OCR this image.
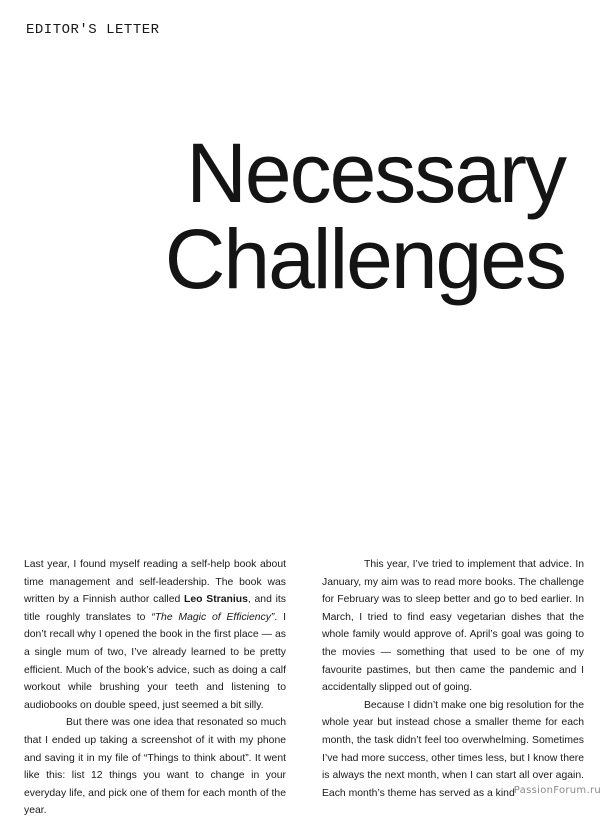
EDITOR'S LETTER
Necessary
Challenges

Last year, I found myself reading a self-help book about time management and self-leadership. The book was written by a Finnish author called Leo Stranius, and its title roughly translates to “The Magic of Efficiency”. I don’t recall why I opened the book in the first place — as a single mum of two, I’ve already learned to be pretty efficient. Much of the book’s advice, such as doing a calf workout while brushing your teeth and listening to audiobooks on double speed, just seemed a bit silly.

But there was one idea that resonated so much that I ended up taking a screenshot of it with my phone and saving it in my file of “Things to think about”. It went like this: list 12 things you want to change in your everyday life, and pick one of them for each month of the year.

This year, I’ve tried to implement that advice. In January, my aim was to read more books. The challenge for February was to sleep better and go to bed earlier. In March, I tried to find easy vegetarian dishes that the whole family would approve of. April’s goal was going to the movies — something that used to be one of my favourite pastimes, but then came the pandemic and I accidentally slipped out of going.

Because I didn’t make one big resolution for the whole year but instead chose a smaller theme for each month, the task didn’t feel too overwhelming. Sometimes I’ve had more success, other times less, but I know there is always the next month, when I can start all over again. Each month’s theme has served as a kind PassionForum.ru
